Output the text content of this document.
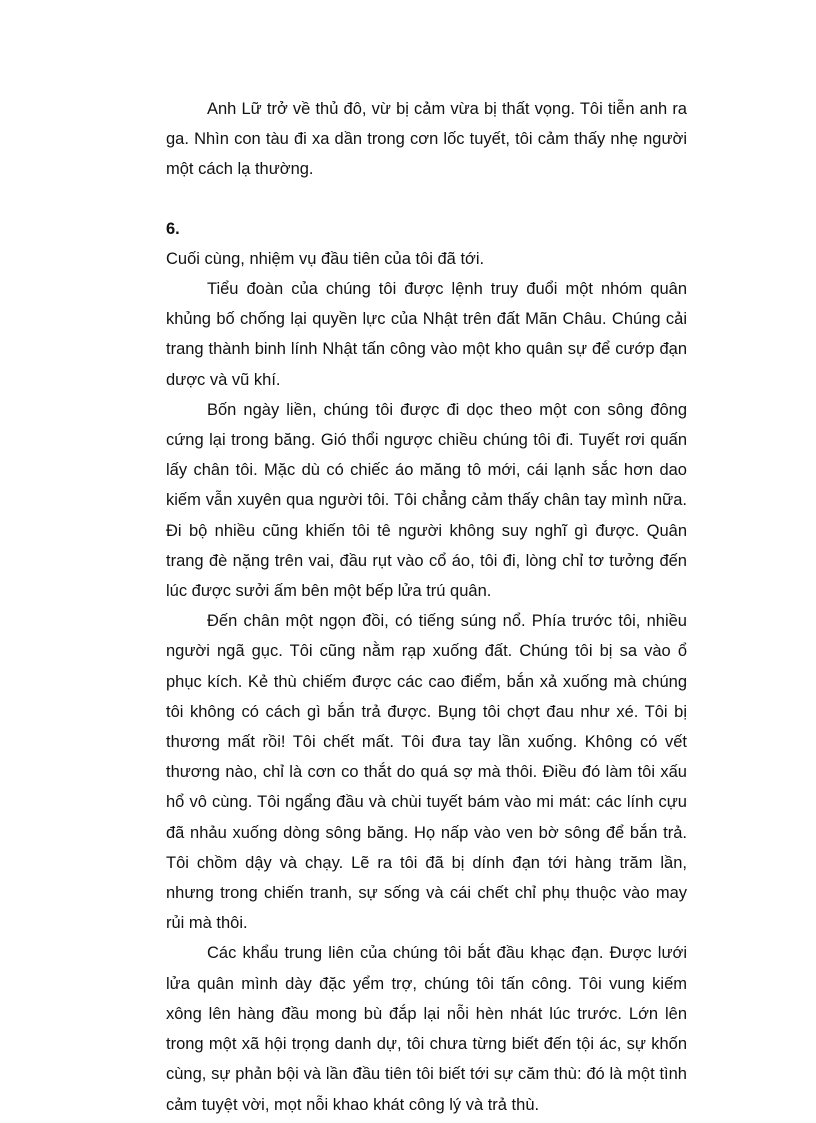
Anh Lữ trở về thủ đô, vừ bị cảm vừa bị thất vọng. Tôi tiễn anh ra ga. Nhìn con tàu đi xa dần trong cơn lốc tuyết, tôi cảm thấy nhẹ người một cách lạ thường.

6.

Cuối cùng, nhiệm vụ đầu tiên của tôi đã tới.

Tiểu đoàn của chúng tôi được lệnh truy đuổi một nhóm quân khủng bố chống lại quyền lực của Nhật trên đất Mãn Châu. Chúng cải trang thành binh lính Nhật tấn công vào một kho quân sự để cướp đạn dược và vũ khí.

Bốn ngày liền, chúng tôi được đi dọc theo một con sông đông cứng lại trong băng. Gió thổi ngược chiều chúng tôi đi. Tuyết rơi quấn lấy chân tôi. Mặc dù có chiếc áo măng tô mới, cái lạnh sắc hơn dao kiếm vẫn xuyên qua người tôi. Tôi chẳng cảm thấy chân tay mình nữa. Đi bộ nhiều cũng khiến tôi tê người không suy nghĩ gì được. Quân trang đè nặng trên vai, đầu rụt vào cổ áo, tôi đi, lòng chỉ tơ tưởng đến lúc được sưởi ấm bên một bếp lửa trú quân.

Đến chân một ngọn đồi, có tiếng súng nổ. Phía trước tôi, nhiều người ngã gục. Tôi cũng nằm rạp xuống đất. Chúng tôi bị sa vào ổ phục kích. Kẻ thù chiếm được các cao điểm, bắn xả xuống mà chúng tôi không có cách gì bắn trả được. Bụng tôi chợt đau như xé. Tôi bị thương mất rồi! Tôi chết mất. Tôi đưa tay lần xuống. Không có vết thương nào, chỉ là cơn co thắt do quá sợ mà thôi. Điều đó làm tôi xấu hổ vô cùng. Tôi ngẩng đầu và chùi tuyết bám vào mi mát: các lính cựu đã nhảu xuống dòng sông băng. Họ nấp vào ven bờ sông để bắn trả. Tôi chồm dậy và chạy. Lẽ ra tôi đã bị dính đạn tới hàng trăm lần, nhưng trong chiến tranh, sự sống và cái chết chỉ phụ thuộc vào may rủi mà thôi.

Các khẩu trung liên của chúng tôi bắt đầu khạc đạn. Được lưới lửa quân mình dày đặc yểm trợ, chúng tôi tấn công. Tôi vung kiếm xông lên hàng đầu mong bù đắp lại nỗi hèn nhát lúc trước. Lớn lên trong một xã hội trọng danh dự, tôi chưa từng biết đến tội ác, sự khốn cùng, sự phản bội và lần đầu tiên tôi biết tới sự căm thù: đó là một tình cảm tuyệt vời, mọt nỗi khao khát công lý và trả thù.
